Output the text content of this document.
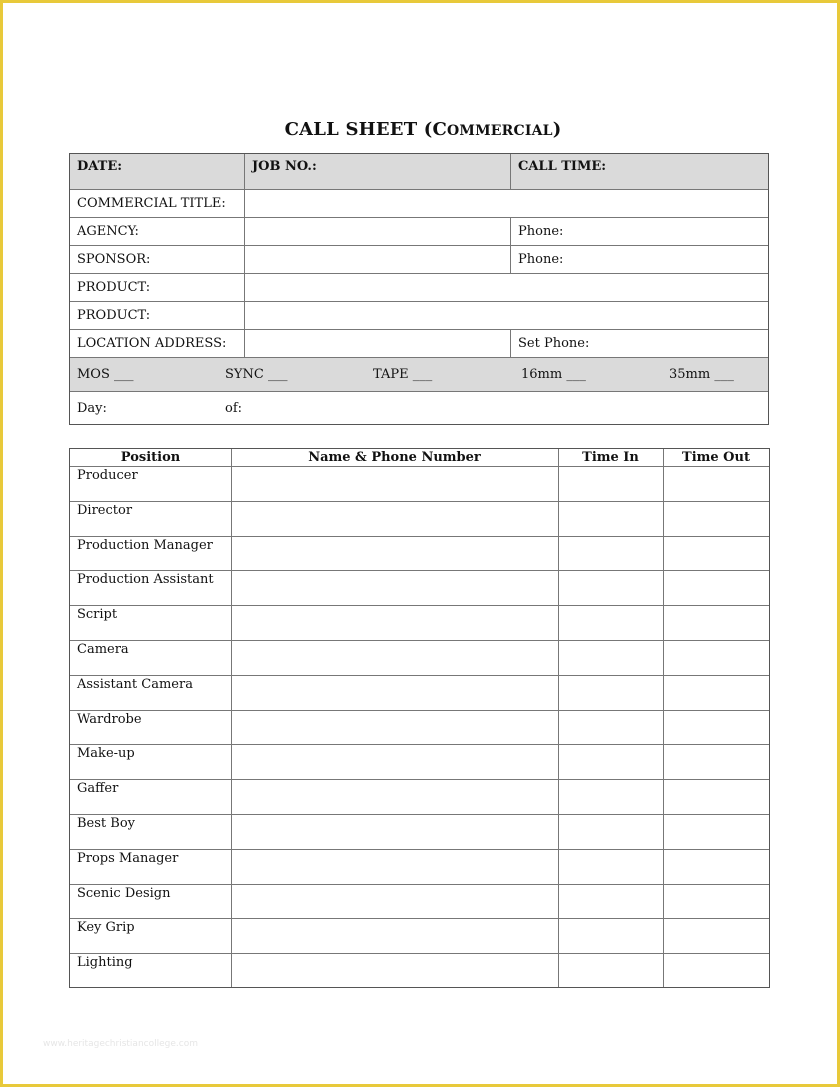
CALL SHEET (COMMERCIAL)
DATE:	JOB NO.:	CALL TIME:
COMMERCIAL TITLE:
AGENCY:	Phone:
SPONSOR:	Phone:
PRODUCT:
PRODUCT:
LOCATION ADDRESS:	Set Phone:
MOS ___	SYNC ___	TAPE ___	16mm ___	35mm ___
Day:	of:
Position	Name & Phone Number	Time In	Time Out
Producer
Director
Production Manager
Production Assistant
Script
Camera
Assistant Camera
Wardrobe
Make-up
Gaffer
Best Boy
Props Manager
Scenic Design
Key Grip
Lighting
www.heritagechristiancollege.com
